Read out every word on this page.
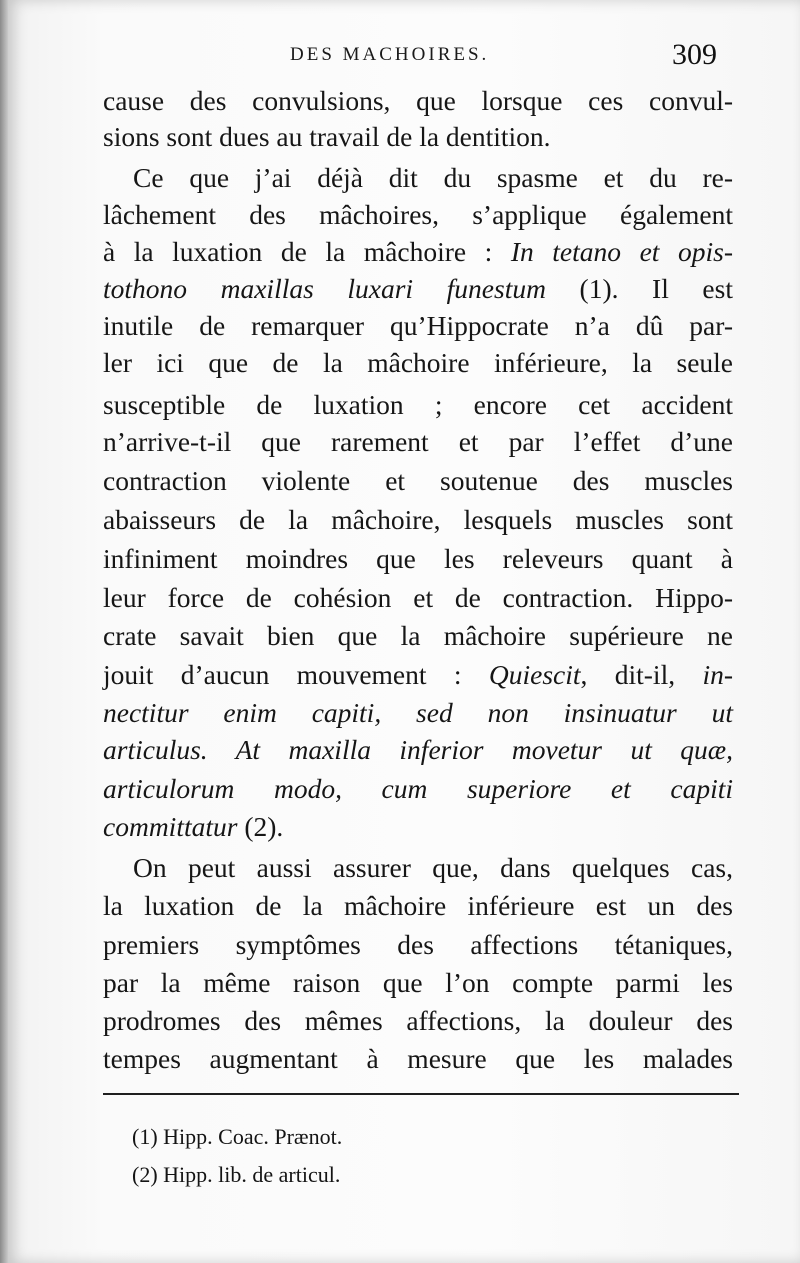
DES MACHOIRES.	309
cause des convulsions, que lorsque ces convul-
sions sont dues au travail de la dentition.
Ce que j’ai déjà dit du spasme et du re-
lâchement des mâchoires, s’applique également
à la luxation de la mâchoire : In tetano et opis-
tothono maxillas luxari funestum (1). Il est
inutile de remarquer qu’Hippocrate n’a dû par-
ler ici que de la mâchoire inférieure, la seule
susceptible de luxation ; encore cet accident
n’arrive-t-il que rarement et par l’effet d’une
contraction violente et soutenue des muscles
abaisseurs de la mâchoire, lesquels muscles sont
infiniment moindres que les releveurs quant à
leur force de cohésion et de contraction. Hippo-
crate savait bien que la mâchoire supérieure ne
jouit d’aucun mouvement : Quiescit, dit-il, in-
nectitur enim capiti, sed non insinuatur ut
articulus. At maxilla inferior movetur ut quæ,
articulorum modo, cum superiore et capiti
committatur (2).
On peut aussi assurer que, dans quelques cas,
la luxation de la mâchoire inférieure est un des
premiers symptômes des affections tétaniques,
par la même raison que l’on compte parmi les
prodromes des mêmes affections, la douleur des
tempes augmentant à mesure que les malades
(1) Hipp. Coac. Prænot.
(2) Hipp. lib. de articul.
